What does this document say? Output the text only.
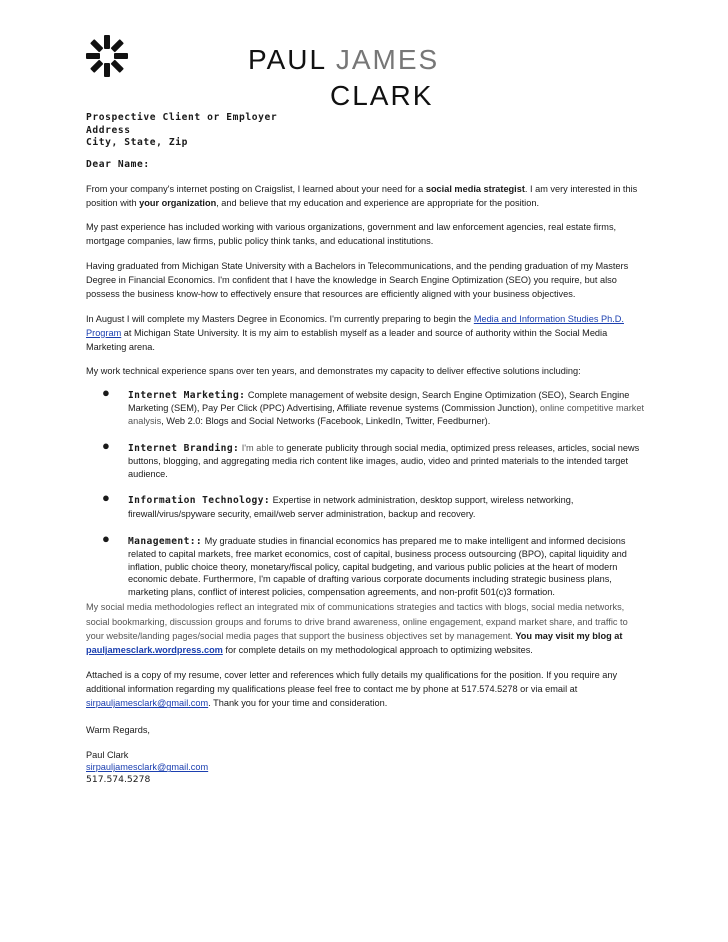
PAUL JAMES
CLARK
Prospective Client or Employer
Address
City, State, Zip
Dear Name:

From your company's internet posting on Craigslist, I learned about your need for a social media strategist. I am very interested in this position with your organization, and believe that my education and experience are appropriate for the position.

My past experience has included working with various organizations, government and law enforcement agencies, real estate firms, mortgage companies, law firms, public policy think tanks, and educational institutions.

Having graduated from Michigan State University with a Bachelors in Telecommunications, and the pending graduation of my Masters Degree in Financial Economics. I'm confident that I have the knowledge in Search Engine Optimization (SEO) you require, but also possess the business know-how to effectively ensure that resources are efficiently aligned with your business objectives.

In August I will complete my Masters Degree in Economics. I'm currently preparing to begin the Media and Information Studies Ph.D. Program at Michigan State University. It is my aim to establish myself as a leader and source of authority within the Social Media Marketing arena.

My work technical experience spans over ten years, and demonstrates my capacity to deliver effective solutions including:

● Internet Marketing: Complete management of website design, Search Engine Optimization (SEO), Search Engine Marketing (SEM), Pay Per Click (PPC) Advertising, Affiliate revenue systems (Commission Junction), online competitive market analysis, Web 2.0: Blogs and Social Networks (Facebook, LinkedIn, Twitter, Feedburner).
● Internet Branding: I'm able to generate publicity through social media, optimized press releases, articles, social news buttons, blogging, and aggregating media rich content like images, audio, video and printed materials to the intended target audience.
● Information Technology: Expertise in network administration, desktop support, wireless networking, firewall/virus/spyware security, email/web server administration, backup and recovery.
● Management:: My graduate studies in financial economics has prepared me to make intelligent and informed decisions related to capital markets, free market economics, cost of capital, business process outsourcing (BPO), capital liquidity and inflation, public choice theory, monetary/fiscal policy, capital budgeting, and various public policies at the heart of modern economic debate. Furthermore, I'm capable of drafting various corporate documents including strategic business plans, marketing plans, conflict of interest policies, compensation agreements, and non-profit 501(c)3 formation.

My social media methodologies reflect an integrated mix of communications strategies and tactics with blogs, social media networks, social bookmarking, discussion groups and forums to drive brand awareness, online engagement, expand market share, and traffic to your website/landing pages/social media pages that support the business objectives set by management. You may visit my blog at pauljamesclark.wordpress.com for complete details on my methodological approach to optimizing websites.

Attached is a copy of my resume, cover letter and references which fully details my qualifications for the position. If you require any additional information regarding my qualifications please feel free to contact me by phone at 517.574.5278 or via email at sirpauljamesclark@gmail.com. Thank you for your time and consideration.

Warm Regards,

Paul Clark

sirpauljamesclark@gmail.com

517.574.5278
